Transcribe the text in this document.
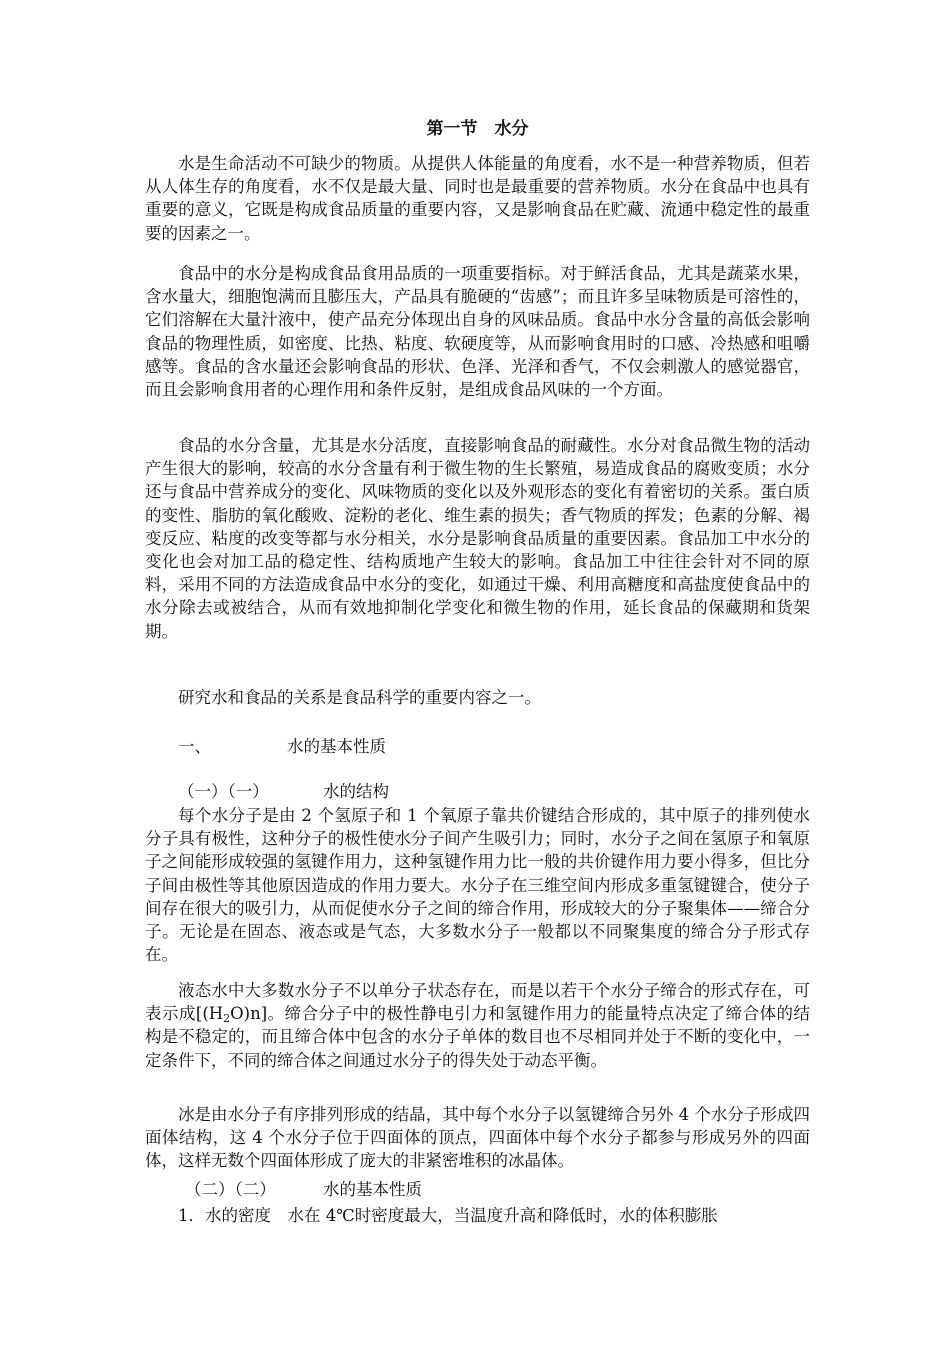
第一节　水分

水是生命活动不可缺少的物质。从提供人体能量的角度看，水不是一种营养物质，但若从人体生存的角度看，水不仅是最大量、同时也是最重要的营养物质。水分在食品中也具有重要的意义，它既是构成食品质量的重要内容，又是影响食品在贮藏、流通中稳定性的最重要的因素之一。

食品中的水分是构成食品食用品质的一项重要指标。对于鲜活食品，尤其是蔬菜水果，含水量大，细胞饱满而且膨压大，产品具有脆硬的“齿感”；而且许多呈味物质是可溶性的，它们溶解在大量汁液中，使产品充分体现出自身的风味品质。食品中水分含量的高低会影响食品的物理性质，如密度、比热、粘度、软硬度等，从而影响食用时的口感、冷热感和咀嚼感等。食品的含水量还会影响食品的形状、色泽、光泽和香气，不仅会刺激人的感觉器官，而且会影响食用者的心理作用和条件反射，是组成食品风味的一个方面。

食品的水分含量，尤其是水分活度，直接影响食品的耐藏性。水分对食品微生物的活动产生很大的影响，较高的水分含量有利于微生物的生长繁殖，易造成食品的腐败变质；水分还与食品中营养成分的变化、风味物质的变化以及外观形态的变化有着密切的关系。蛋白质的变性、脂肪的氧化酸败、淀粉的老化、维生素的损失；香气物质的挥发；色素的分解、褐变反应、粘度的改变等都与水分相关，水分是影响食品质量的重要因素。食品加工中水分的变化也会对加工品的稳定性、结构质地产生较大的影响。食品加工中往往会针对不同的原料，采用不同的方法造成食品中水分的变化，如通过干燥、利用高糖度和高盐度使食品中的水分除去或被结合，从而有效地抑制化学变化和微生物的作用，延长食品的保藏期和货架期。

研究水和食品的关系是食品科学的重要内容之一。

一、	水的基本性质
（一）（一）	水的结构

每个水分子是由 2 个氢原子和 1 个氧原子靠共价键结合形成的，其中原子的排列使水分子具有极性，这种分子的极性使水分子间产生吸引力；同时，水分子之间在氢原子和氧原子之间能形成较强的氢键作用力，这种氢键作用力比一般的共价键作用力要小得多，但比分子间由极性等其他原因造成的作用力要大。水分子在三维空间内形成多重氢键键合，使分子间存在很大的吸引力，从而促使水分子之间的缔合作用，形成较大的分子聚集体——缔合分子。无论是在固态、液态或是气态，大多数水分子一般都以不同聚集度的缔合分子形式存在。

液态水中大多数水分子不以单分子状态存在，而是以若干个水分子缔合的形式存在，可表示成$[(H_2O)n]$。缔合分子中的极性静电引力和氢键作用力的能量特点决定了缔合体的结构是不稳定的，而且缔合体中包含的水分子单体的数目也不尽相同并处于不断的变化中，一定条件下，不同的缔合体之间通过水分子的得失处于动态平衡。

冰是由水分子有序排列形成的结晶，其中每个水分子以氢键缔合另外 4 个水分子形成四面体结构，这 4 个水分子位于四面体的顶点，四面体中每个水分子都参与形成另外的四面体，这样无数个四面体形成了庞大的非紧密堆积的冰晶体。

（二）（二）	水的基本性质

1．水的密度　水在 4℃时密度最大，当温度升高和降低时，水的体积膨胀
